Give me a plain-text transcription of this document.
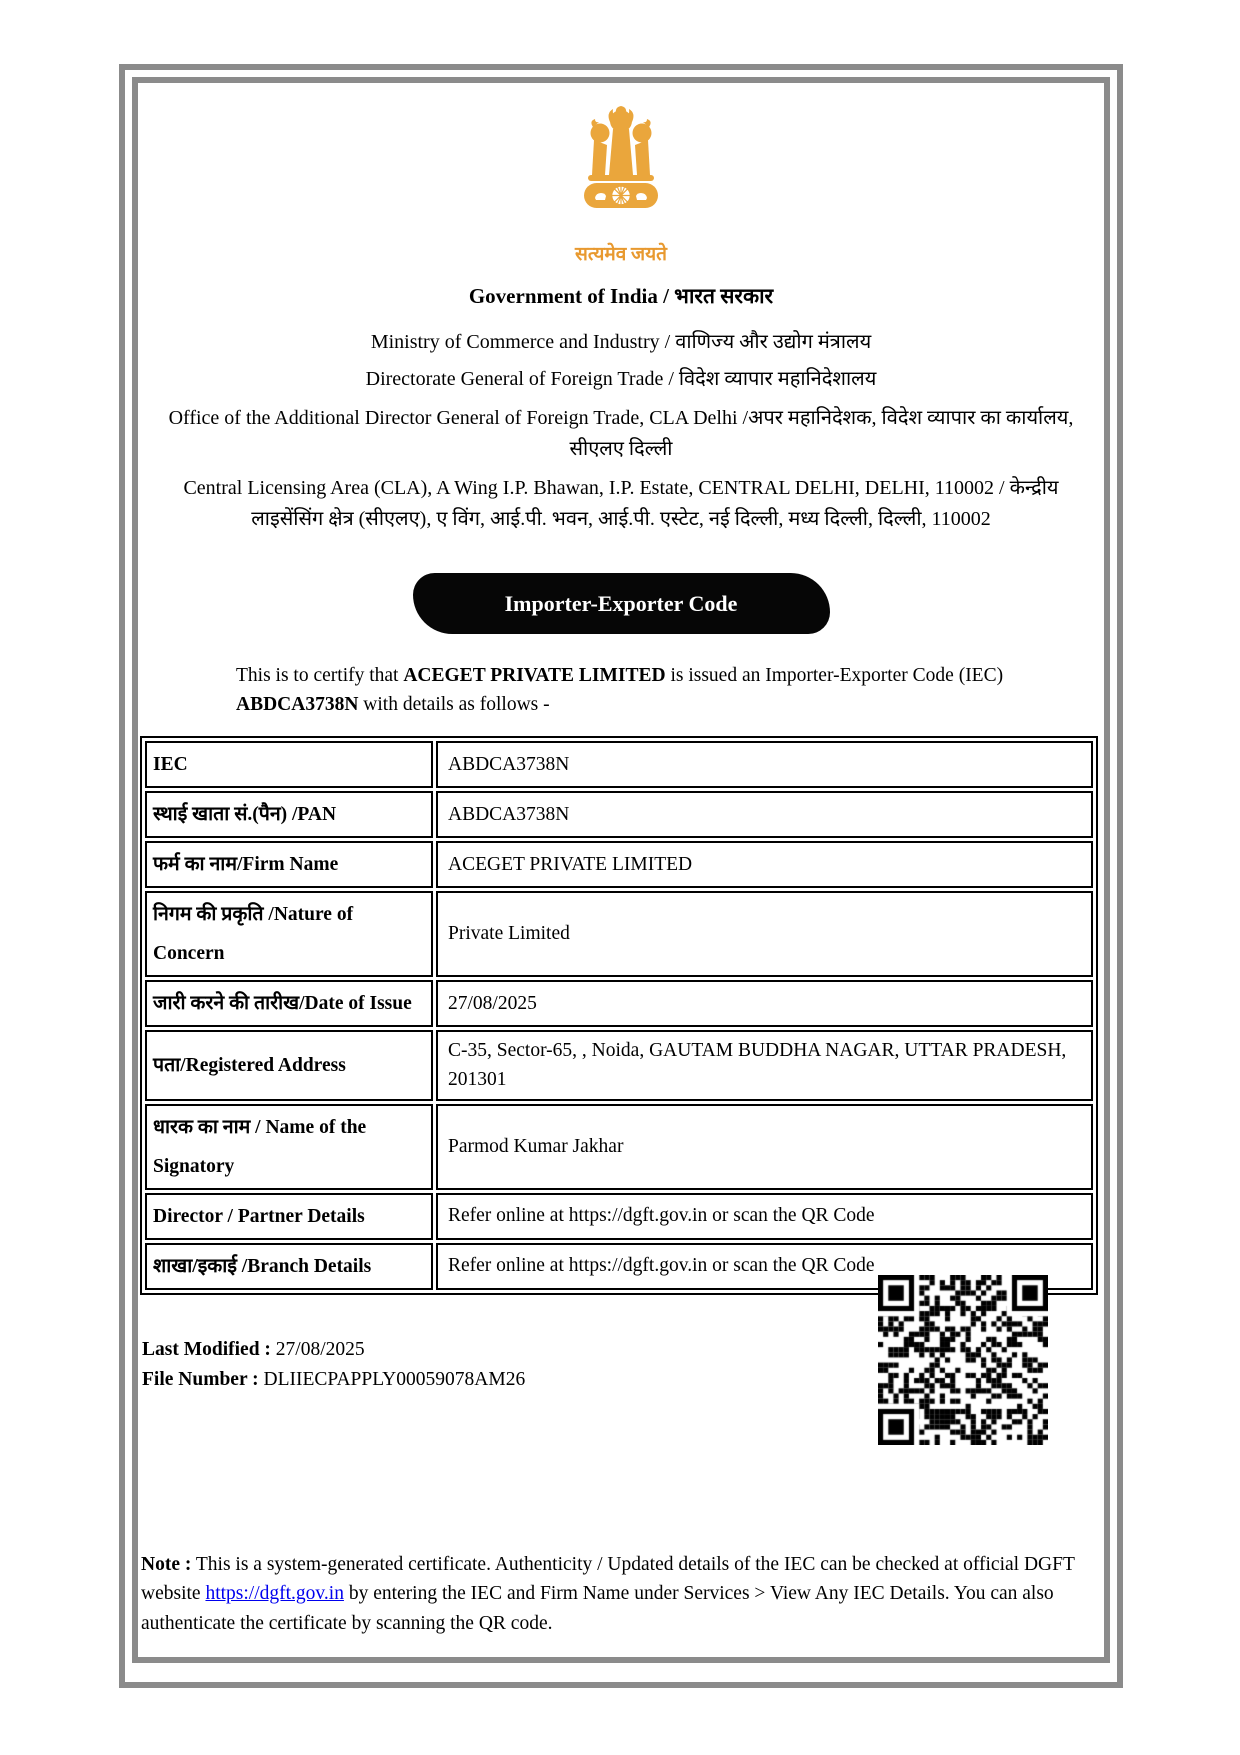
सत्यमेव जयते
Government of India / भारत सरकार
Ministry of Commerce and Industry / वाणिज्य और उद्योग मंत्रालय
Directorate General of Foreign Trade / विदेश व्यापार महानिदेशालय
Office of the Additional Director General of Foreign Trade, CLA Delhi /अपर महानिदेशक, विदेश व्यापार का कार्यालय, सीएलए दिल्ली
Central Licensing Area (CLA), A Wing I.P. Bhawan, I.P. Estate, CENTRAL DELHI, DELHI, 110002 / केन्द्रीय लाइसेंसिंग क्षेत्र (सीएलए), ए विंग, आई.पी. भवन, आई.पी. एस्टेट, नई दिल्ली, मध्य दिल्ली, दिल्ली, 110002
Importer-Exporter Code
This is to certify that ACEGET PRIVATE LIMITED is issued an Importer-Exporter Code (IEC) ABDCA3738N with details as follows -
IEC	ABDCA3738N
स्थाई खाता सं.(पैन) /PAN	ABDCA3738N
फर्म का नाम/Firm Name	ACEGET PRIVATE LIMITED
निगम की प्रकृति /Nature of Concern	Private Limited
जारी करने की तारीख/Date of Issue	27/08/2025
पता/Registered Address	C-35, Sector-65, , Noida, GAUTAM BUDDHA NAGAR, UTTAR PRADESH, 201301
धारक का नाम / Name of the Signatory	Parmod Kumar Jakhar
Director / Partner Details	Refer online at https://dgft.gov.in or scan the QR Code
शाखा/इकाई /Branch Details	Refer online at https://dgft.gov.in or scan the QR Code
Last Modified : 27/08/2025
File Number : DLIIECPAPPLY00059078AM26
Note : This is a system-generated certificate. Authenticity / Updated details of the IEC can be checked at official DGFT website https://dgft.gov.in by entering the IEC and Firm Name under Services > View Any IEC Details. You can also authenticate the certificate by scanning the QR code.
